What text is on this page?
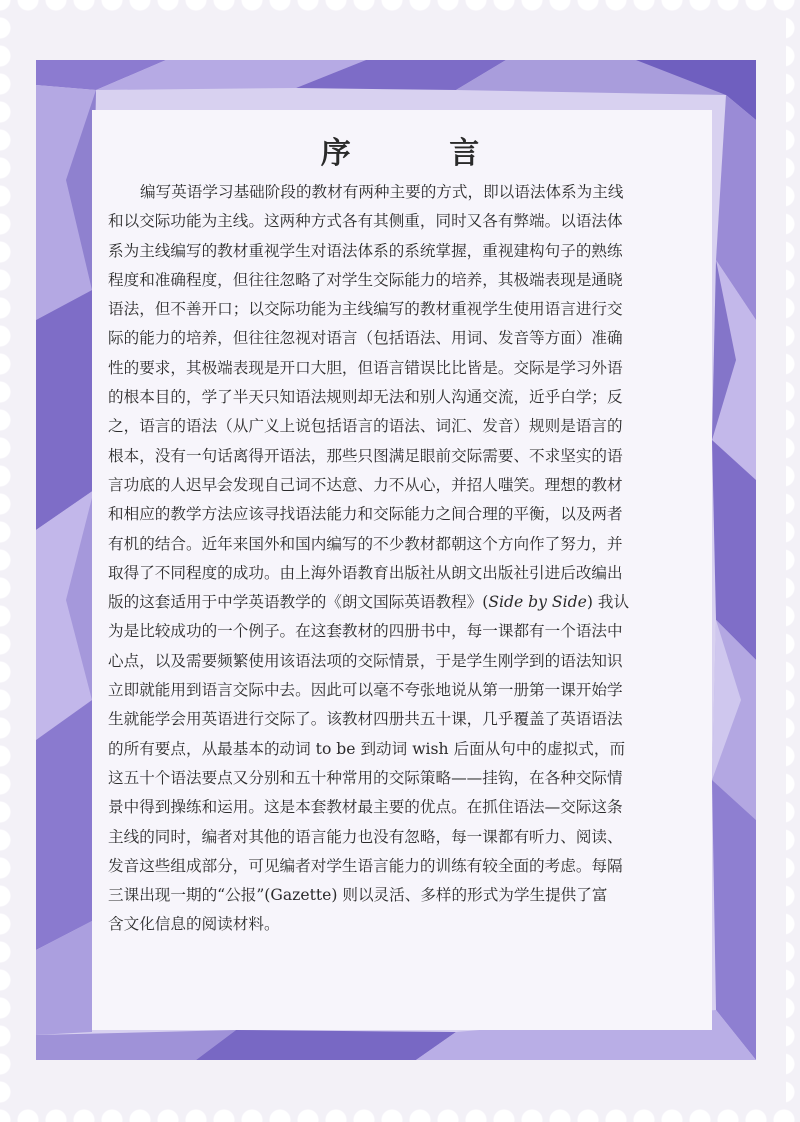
序 言
编写英语学习基础阶段的教材有两种主要的方式，即以语法体系为主线
和以交际功能为主线。这两种方式各有其侧重，同时又各有弊端。以语法体
系为主线编写的教材重视学生对语法体系的系统掌握，重视建构句子的熟练
程度和准确程度，但往往忽略了对学生交际能力的培养，其极端表现是通晓
语法，但不善开口；以交际功能为主线编写的教材重视学生使用语言进行交
际的能力的培养，但往往忽视对语言（包括语法、用词、发音等方面）准确
性的要求，其极端表现是开口大胆，但语言错误比比皆是。交际是学习外语
的根本目的，学了半天只知语法规则却无法和别人沟通交流，近乎白学；反
之，语言的语法（从广义上说包括语言的语法、词汇、发音）规则是语言的
根本，没有一句话离得开语法，那些只图满足眼前交际需要、不求坚实的语
言功底的人迟早会发现自己词不达意、力不从心，并招人嗤笑。理想的教材
和相应的教学方法应该寻找语法能力和交际能力之间合理的平衡，以及两者
有机的结合。近年来国外和国内编写的不少教材都朝这个方向作了努力，并
取得了不同程度的成功。由上海外语教育出版社从朗文出版社引进后改编出
版的这套适用于中学英语教学的《朗文国际英语教程》(Side by Side) 我认
为是比较成功的一个例子。在这套教材的四册书中，每一课都有一个语法中
心点，以及需要频繁使用该语法项的交际情景，于是学生刚学到的语法知识
立即就能用到语言交际中去。因此可以毫不夸张地说从第一册第一课开始学
生就能学会用英语进行交际了。该教材四册共五十课，几乎覆盖了英语语法
的所有要点，从最基本的动词 to be 到动词 wish 后面从句中的虚拟式，而
这五十个语法要点又分别和五十种常用的交际策略——挂钩，在各种交际情
景中得到操练和运用。这是本套教材最主要的优点。在抓住语法—交际这条
主线的同时，编者对其他的语言能力也没有忽略，每一课都有听力、阅读、
发音这些组成部分，可见编者对学生语言能力的训练有较全面的考虑。每隔
三课出现一期的“公报”(Gazette) 则以灵活、多样的形式为学生提供了富
含文化信息的阅读材料。
